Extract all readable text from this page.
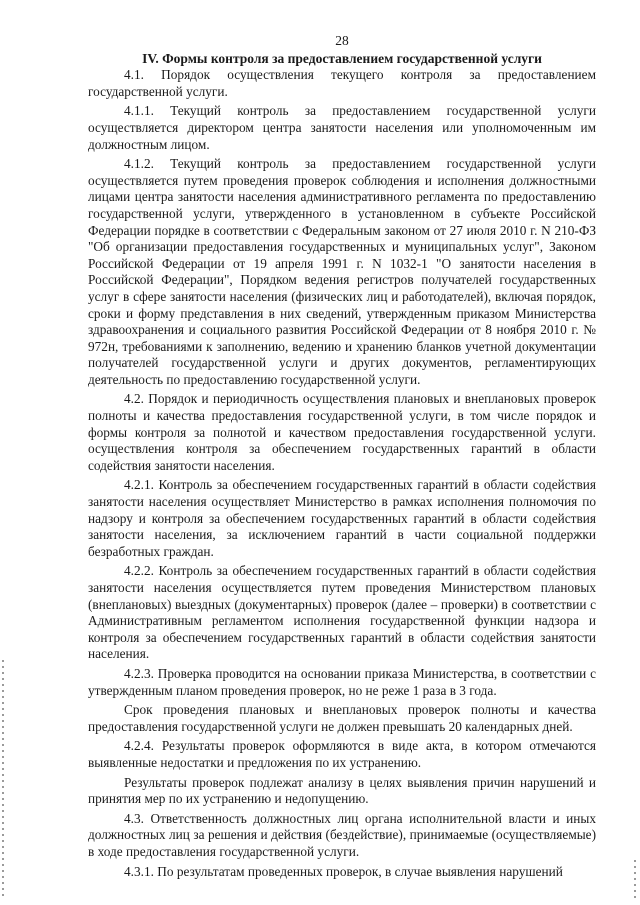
28
IV. Формы контроля за предоставлением государственной услуги

4.1. Порядок осуществления текущего контроля за предоставлением государственной услуги.

4.1.1. Текущий контроль за предоставлением государственной услуги осуществляется директором центра занятости населения или уполномоченным им должностным лицом.

4.1.2. Текущий контроль за предоставлением государственной услуги осуществляется путем проведения проверок соблюдения и исполнения должностными лицами центра занятости населения административного регламента по предоставлению государственной услуги, утвержденного в установленном в субъекте Российской Федерации порядке в соответствии с Федеральным законом от 27 июля 2010 г. N 210-ФЗ "Об организации предоставления государственных и муниципальных услуг", Законом Российской Федерации от 19 апреля 1991 г. N 1032-1 "О занятости населения в Российской Федерации", Порядком ведения регистров получателей государственных услуг в сфере занятости населения (физических лиц и работодателей), включая порядок, сроки и форму представления в них сведений, утвержденным приказом Министерства здравоохранения и социального развития Российской Федерации от 8 ноября 2010 г. № 972н, требованиями к заполнению, ведению и хранению бланков учетной документации получателей государственной услуги и других документов, регламентирующих деятельность по предоставлению государственной услуги.

4.2. Порядок и периодичность осуществления плановых и внеплановых проверок полноты и качества предоставления государственной услуги, в том числе порядок и формы контроля за полнотой и качеством предоставления государственной услуги. осуществления контроля за обеспечением государственных гарантий в области содействия занятости населения.

4.2.1. Контроль за обеспечением государственных гарантий в области содействия занятости населения осуществляет Министерство в рамках исполнения полномочия по надзору и контроля за обеспечением государственных гарантий в области содействия занятости населения, за исключением гарантий в части социальной поддержки безработных граждан.

4.2.2. Контроль за обеспечением государственных гарантий в области содействия занятости населения осуществляется путем проведения Министерством плановых (внеплановых) выездных (документарных) проверок (далее – проверки) в соответствии с Административным регламентом исполнения государственной функции надзора и контроля за обеспечением государственных гарантий в области содействия занятости населения.

4.2.3. Проверка проводится на основании приказа Министерства, в соответствии с утвержденным планом проведения проверок, но не реже 1 раза в 3 года.

Срок проведения плановых и внеплановых проверок полноты и качества предоставления государственной услуги не должен превышать 20 календарных дней.

4.2.4. Результаты проверок оформляются в виде акта, в котором отмечаются выявленные недостатки и предложения по их устранению.

Результаты проверок подлежат анализу в целях выявления причин нарушений и принятия мер по их устранению и недопущению.

4.3. Ответственность должностных лиц органа исполнительной власти и иных должностных лиц за решения и действия (бездействие), принимаемые (осуществляемые) в ходе предоставления государственной услуги.

4.3.1. По результатам проведенных проверок, в случае выявления нарушений
